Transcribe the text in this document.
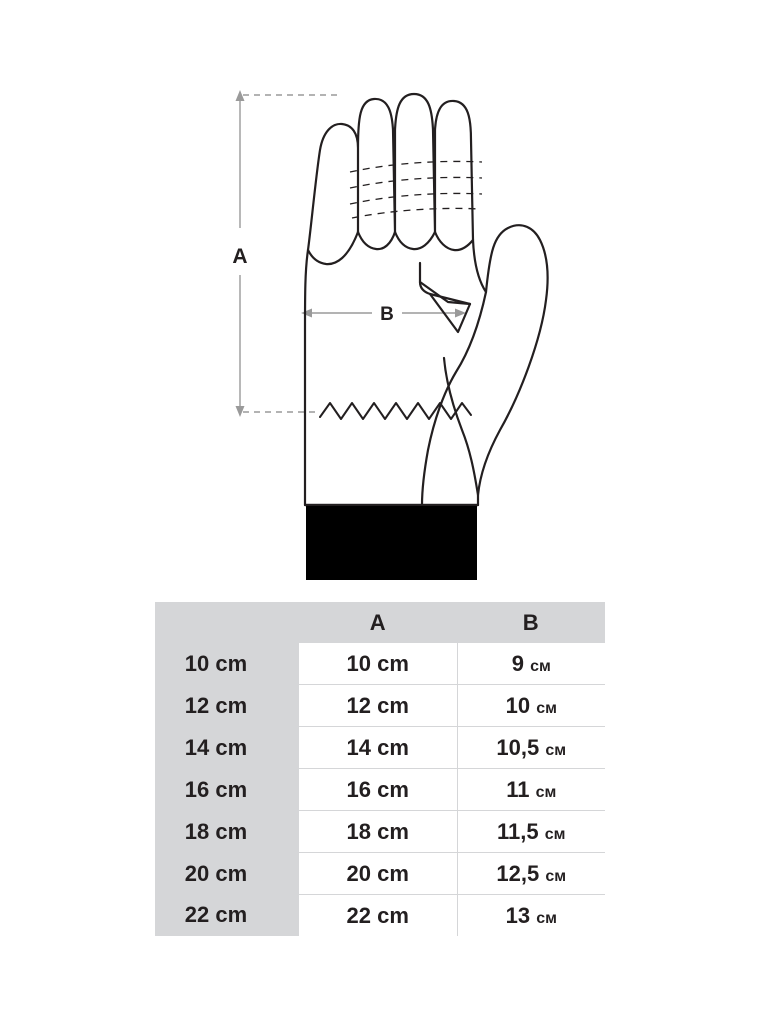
A
B
	A	B
10 cm	10 cm	9 см
12 cm	12 cm	10 см
14 cm	14 cm	10,5 см
16 cm	16 cm	11 см
18 cm	18 cm	11,5 см
20 cm	20 cm	12,5 см
22 cm	22 cm	13 см
